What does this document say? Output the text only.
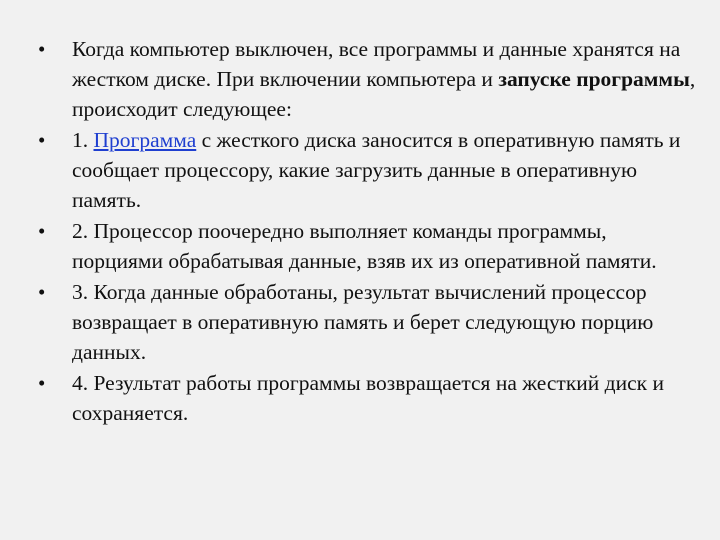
• Когда компьютер выключен, все программы и данные хранятся на жестком диске. При включении компьютера и запуске программы, происходит следующее:
• 1. Программа с жесткого диска заносится в оперативную память и сообщает процессору, какие загрузить данные в оперативную память.
• 2. Процессор поочередно выполняет команды программы, порциями обрабатывая данные, взяв их из оперативной памяти.
• 3. Когда данные обработаны, результат вычислений процессор возвращает в оперативную память и берет следующую порцию данных.
• 4. Результат работы программы возвращается на жесткий диск и сохраняется.
